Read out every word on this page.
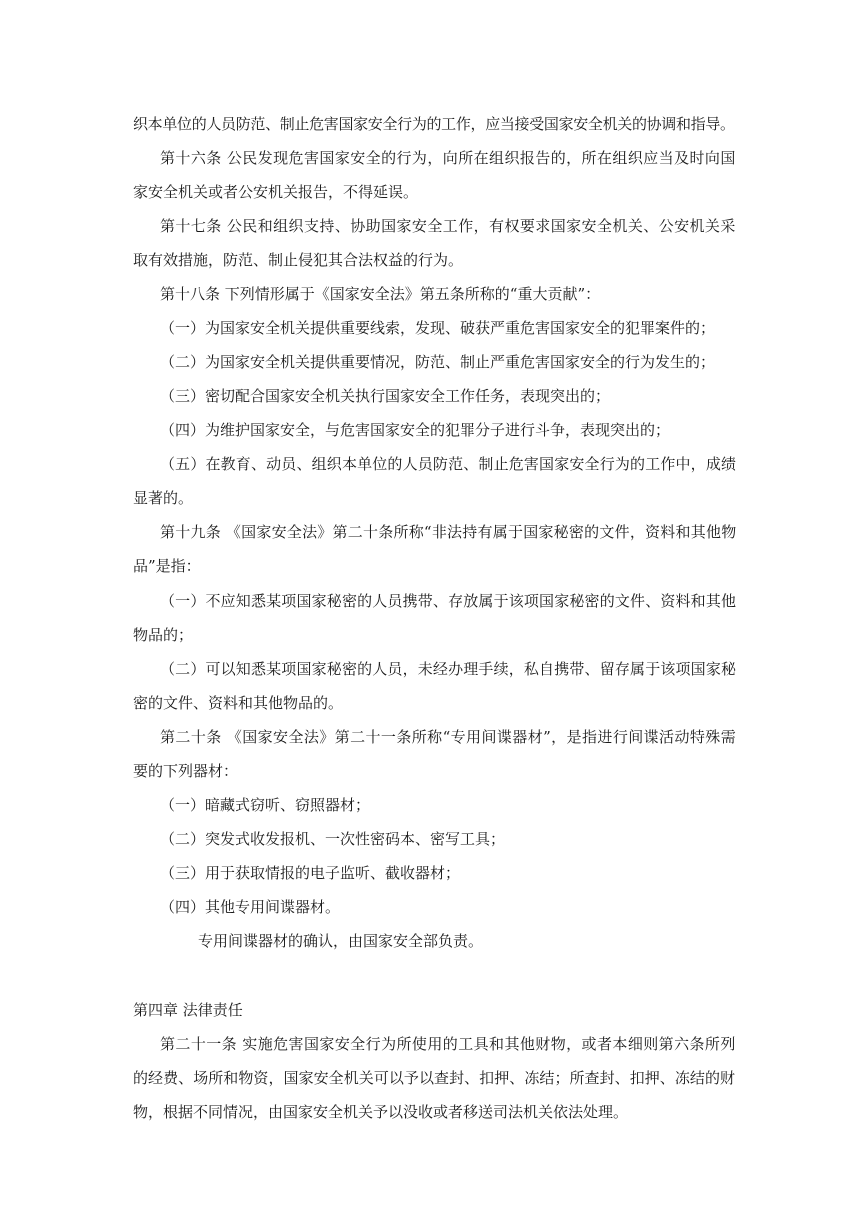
织本单位的人员防范、制止危害国家安全行为的工作，应当接受国家安全机关的协调和指导。

第十六条 公民发现危害国家安全的行为，向所在组织报告的，所在组织应当及时向国

家安全机关或者公安机关报告，不得延误。

第十七条 公民和组织支持、协助国家安全工作，有权要求国家安全机关、公安机关采

取有效措施，防范、制止侵犯其合法权益的行为。

第十八条 下列情形属于《国家安全法》第五条所称的“重大贡献”：

（一）为国家安全机关提供重要线索，发现、破获严重危害国家安全的犯罪案件的；

（二）为国家安全机关提供重要情况，防范、制止严重危害国家安全的行为发生的；

（三）密切配合国家安全机关执行国家安全工作任务，表现突出的；

（四）为维护国家安全，与危害国家安全的犯罪分子进行斗争，表现突出的；

（五）在教育、动员、组织本单位的人员防范、制止危害国家安全行为的工作中，成绩

显著的。

第十九条 《国家安全法》第二十条所称“非法持有属于国家秘密的文件，资料和其他物

品”是指：

（一）不应知悉某项国家秘密的人员携带、存放属于该项国家秘密的文件、资料和其他

物品的；

（二）可以知悉某项国家秘密的人员，未经办理手续，私自携带、留存属于该项国家秘

密的文件、资料和其他物品的。

第二十条 《国家安全法》第二十一条所称“专用间谍器材”，是指进行间谍活动特殊需

要的下列器材：

（一）暗藏式窃听、窃照器材；

（二）突发式收发报机、一次性密码本、密写工具；

（三）用于获取情报的电子监听、截收器材；

（四）其他专用间谍器材。

专用间谍器材的确认，由国家安全部负责。

第四章 法律责任

第二十一条 实施危害国家安全行为所使用的工具和其他财物，或者本细则第六条所列

的经费、场所和物资，国家安全机关可以予以查封、扣押、冻结；所查封、扣押、冻结的财

物，根据不同情况，由国家安全机关予以没收或者移送司法机关依法处理。
